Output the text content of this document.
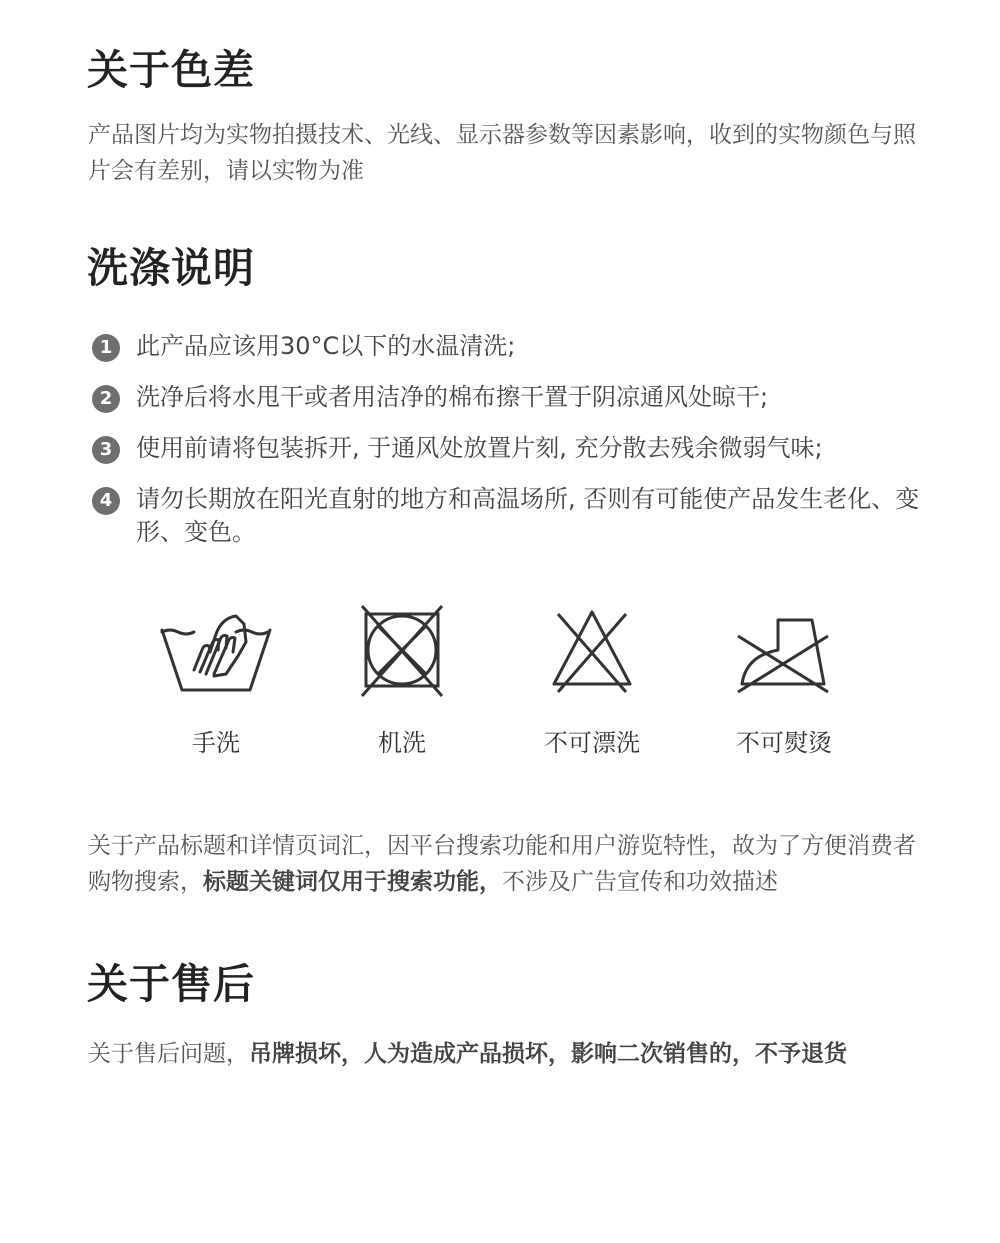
关于色差

产品图片均为实物拍摄技术、光线、显示器参数等因素影响，收到的实物颜色与照片会有差别，请以实物为准

洗涤说明
1 此产品应该用30°C以下的水温清洗;
2 洗净后将水甩干或者用洁净的棉布擦干置于阴凉通风处晾干;
3 使用前请将包装拆开, 于通风处放置片刻, 充分散去残余微弱气味;
4 请勿长期放在阳光直射的地方和高温场所, 否则有可能使产品发生老化、变形、变色。
手洗	机洗	不可漂洗	不可熨烫

关于产品标题和详情页词汇，因平台搜索功能和用户游览特性，故为了方便消费者购物搜索，标题关键词仅用于搜索功能，不涉及广告宣传和功效描述

关于售后

关于售后问题，吊牌损坏，人为造成产品损坏，影响二次销售的，不予退货
